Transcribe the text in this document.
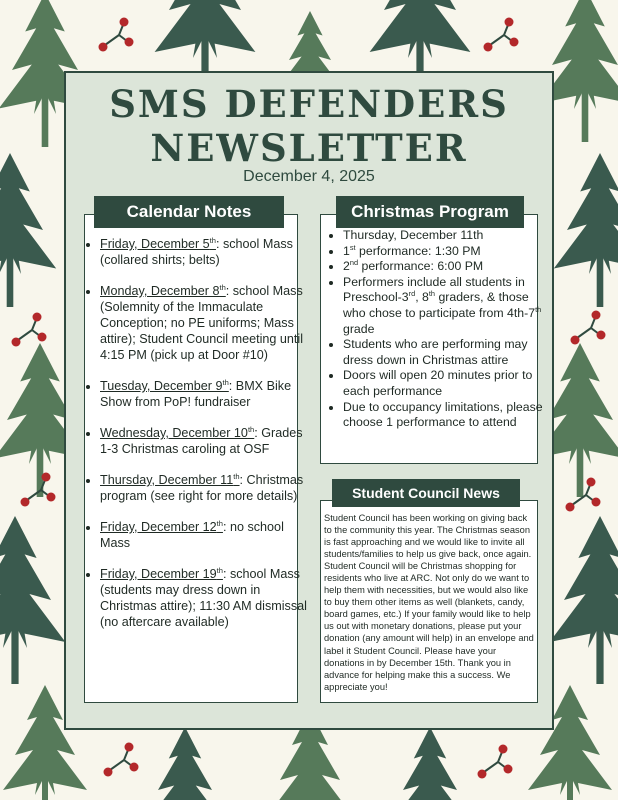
SMS DEFENDERS
NEWSLETTER
December 4, 2025
Calendar Notes
• Friday, December 5th: school Mass (collared shirts; belts)
• Monday, December 8th: school Mass (Solemnity of the Immaculate Conception; no PE uniforms; Mass attire); Student Council meeting until 4:15 PM (pick up at Door #10)
• Tuesday, December 9th: BMX Bike Show from PoP! fundraiser
• Wednesday, December 10th: Grades 1-3 Christmas caroling at OSF
• Thursday, December 11th: Christmas program (see right for more details)
• Friday, December 12th: no school Mass
• Friday, December 19th: school Mass (students may dress down in Christmas attire); 11:30 AM dismissal (no aftercare available)
Christmas Program
• Thursday, December 11th
• 1st performance: 1:30 PM
• 2nd performance: 6:00 PM
• Performers include all students in Preschool-3rd, 8th graders, & those who chose to participate from 4th-7th grade
• Students who are performing may dress down in Christmas attire
• Doors will open 20 minutes prior to each performance
• Due to occupancy limitations, please choose 1 performance to attend
Student Council News
Student Council has been working on giving back to the community this year. The Christmas season is fast approaching and we would like to invite all students/families to help us give back, once again. Student Council will be Christmas shopping for residents who live at ARC. Not only do we want to help them with necessities, but we would also like to buy them other items as well (blankets, candy, board games, etc.) If your family would like to help us out with monetary donations, please put your donation (any amount will help) in an envelope and label it Student Council. Please have your donations in by December 15th. Thank you in advance for helping make this a success. We appreciate you!
